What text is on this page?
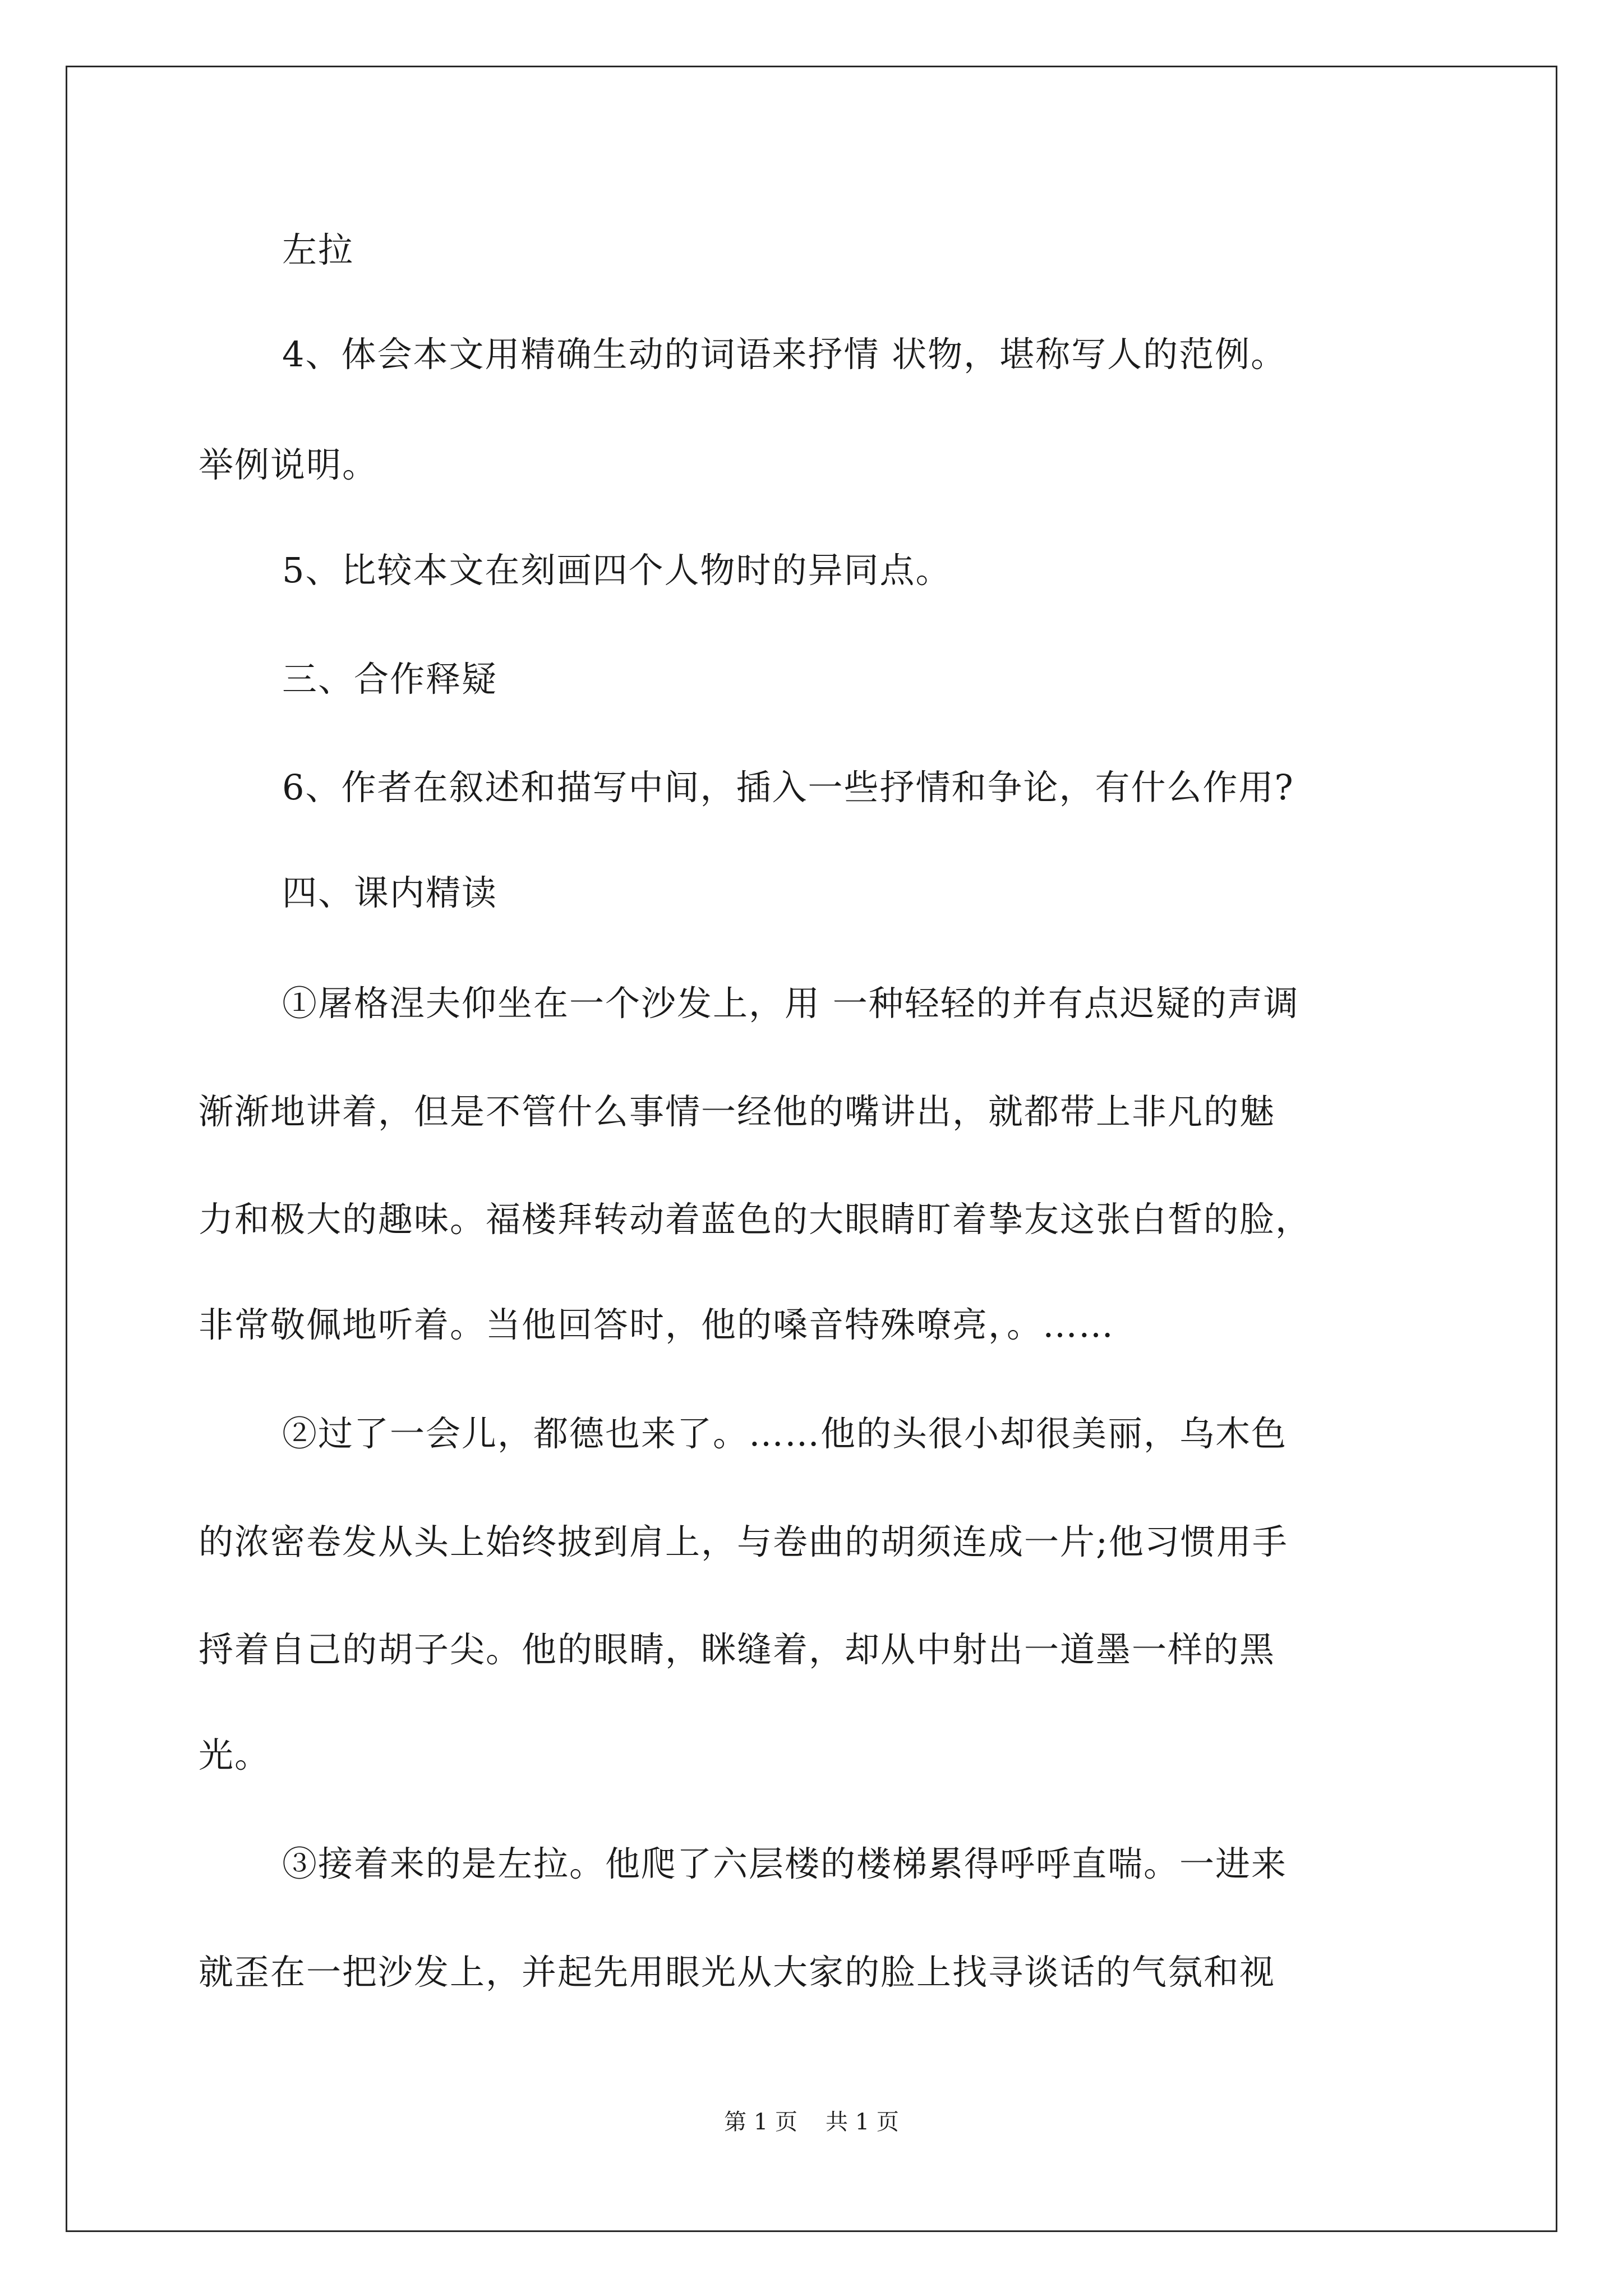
左拉
4、体会本文用精确生动的词语来抒情 状物，堪称写人的范例。
举例说明。
5、比较本文在刻画四个人物时的异同点。
三、合作释疑
6、作者在叙述和描写中间，插入一些抒情和争论，有什么作用?
四、课内精读
①屠格涅夫仰坐在一个沙发上，用 一种轻轻的并有点迟疑的声调
渐渐地讲着，但是不管什么事情一经他的嘴讲出，就都带上非凡的魅
力和极大的趣味。福楼拜转动着蓝色的大眼睛盯着挚友这张白皙的脸，
非常敬佩地听着。当他回答时，他的嗓音特殊嘹亮，。……
②过了一会儿，都德也来了。……他的头很小却很美丽，乌木色
的浓密卷发从头上始终披到肩上，与卷曲的胡须连成一片;他习惯用手
捋着自己的胡子尖。他的眼睛，眯缝着，却从中射出一道墨一样的黑
光。
③接着来的是左拉。他爬了六层楼的楼梯累得呼呼直喘。一进来
就歪在一把沙发上，并起先用眼光从大家的脸上找寻谈话的气氛和视
第 1 页 共 1 页
